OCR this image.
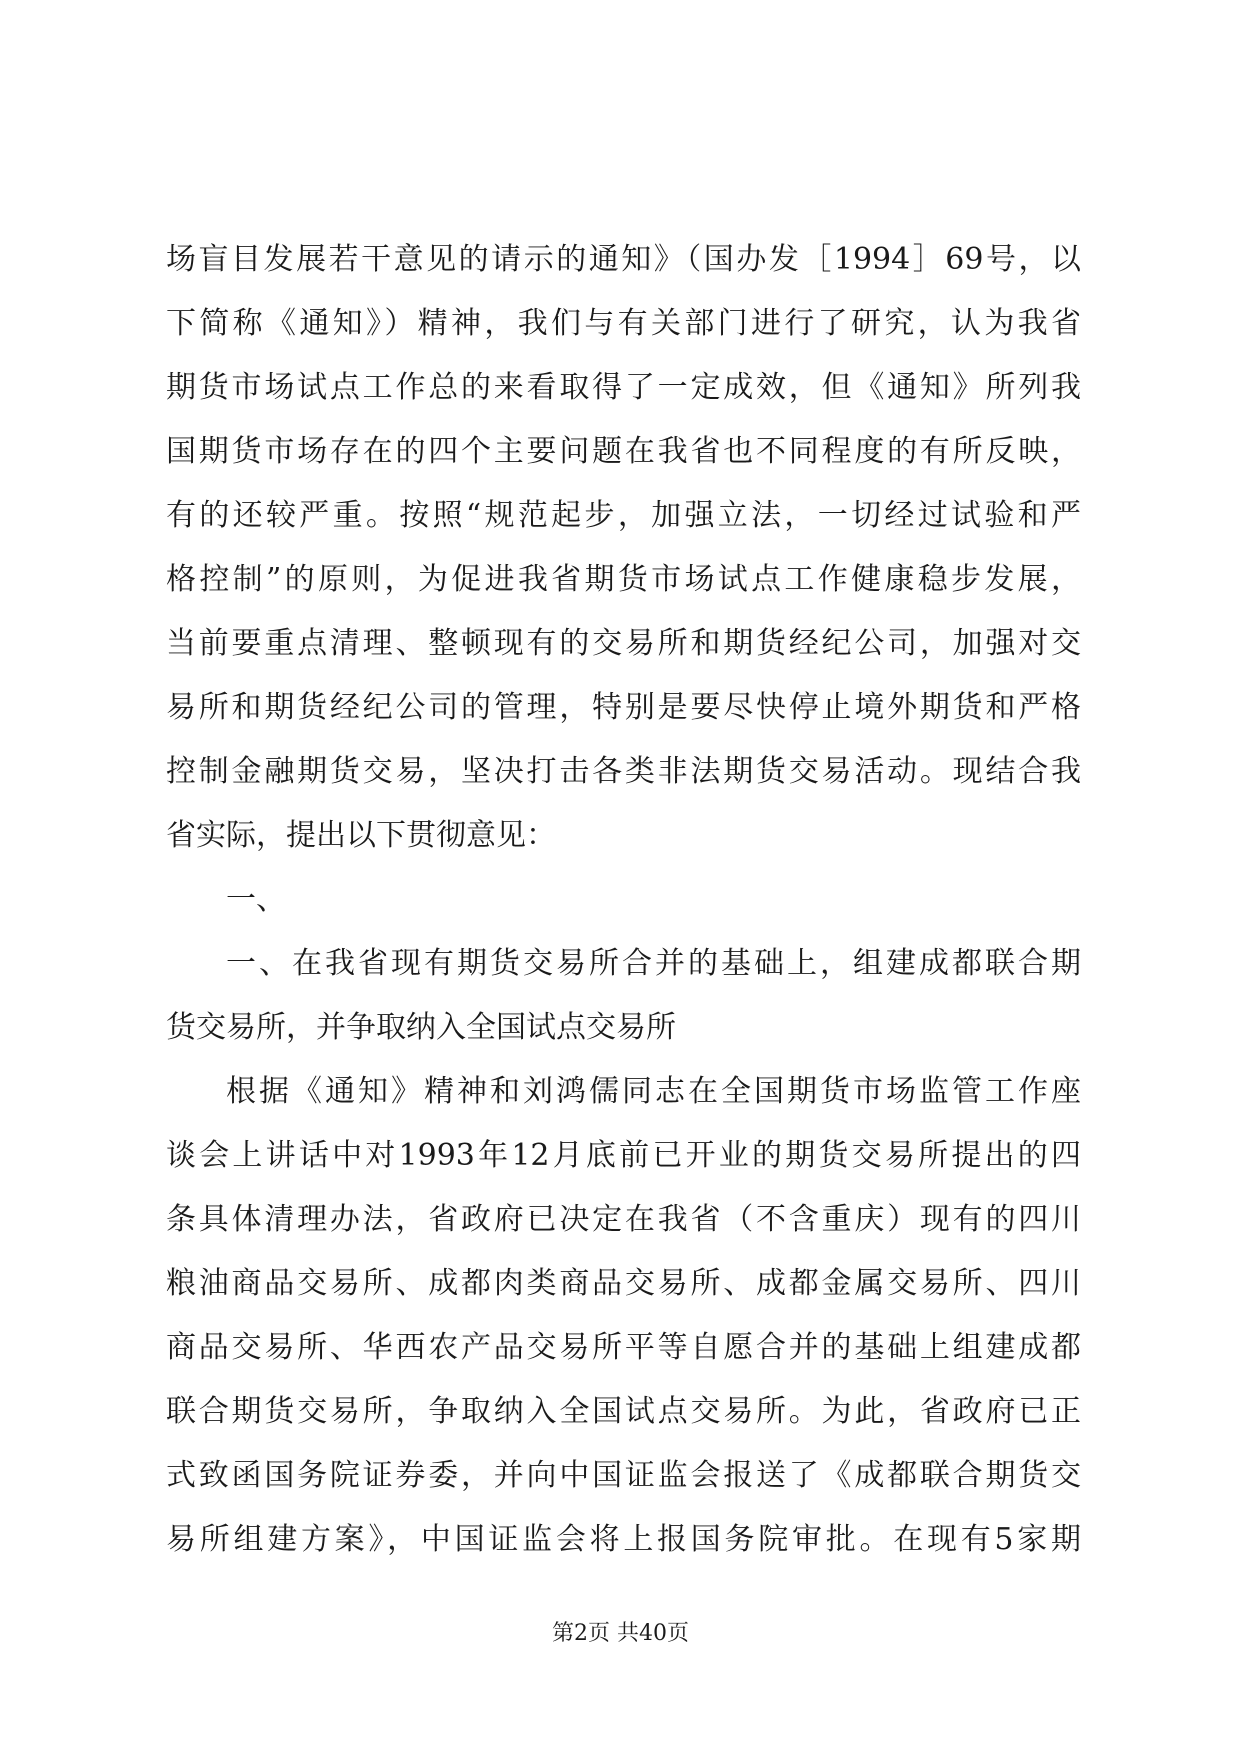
场盲目发展若干意见的请示的通知》（国办发［1994］69号，以
下简称《通知》）精神，我们与有关部门进行了研究，认为我省
期货市场试点工作总的来看取得了一定成效，但《通知》所列我
国期货市场存在的四个主要问题在我省也不同程度的有所反映，
有的还较严重。按照“规范起步，加强立法，一切经过试验和严
格控制”的原则，为促进我省期货市场试点工作健康稳步发展，
当前要重点清理、整顿现有的交易所和期货经纪公司，加强对交
易所和期货经纪公司的管理，特别是要尽快停止境外期货和严格
控制金融期货交易，坚决打击各类非法期货交易活动。现结合我
省实际，提出以下贯彻意见：
一、
一、在我省现有期货交易所合并的基础上，组建成都联合期
货交易所，并争取纳入全国试点交易所
根据《通知》精神和刘鸿儒同志在全国期货市场监管工作座
谈会上讲话中对1993年12月底前已开业的期货交易所提出的四
条具体清理办法，省政府已决定在我省（不含重庆）现有的四川
粮油商品交易所、成都肉类商品交易所、成都金属交易所、四川
商品交易所、华西农产品交易所平等自愿合并的基础上组建成都
联合期货交易所，争取纳入全国试点交易所。为此，省政府已正
式致函国务院证券委，并向中国证监会报送了《成都联合期货交
易所组建方案》，中国证监会将上报国务院审批。在现有5家期
第2页 共40页
